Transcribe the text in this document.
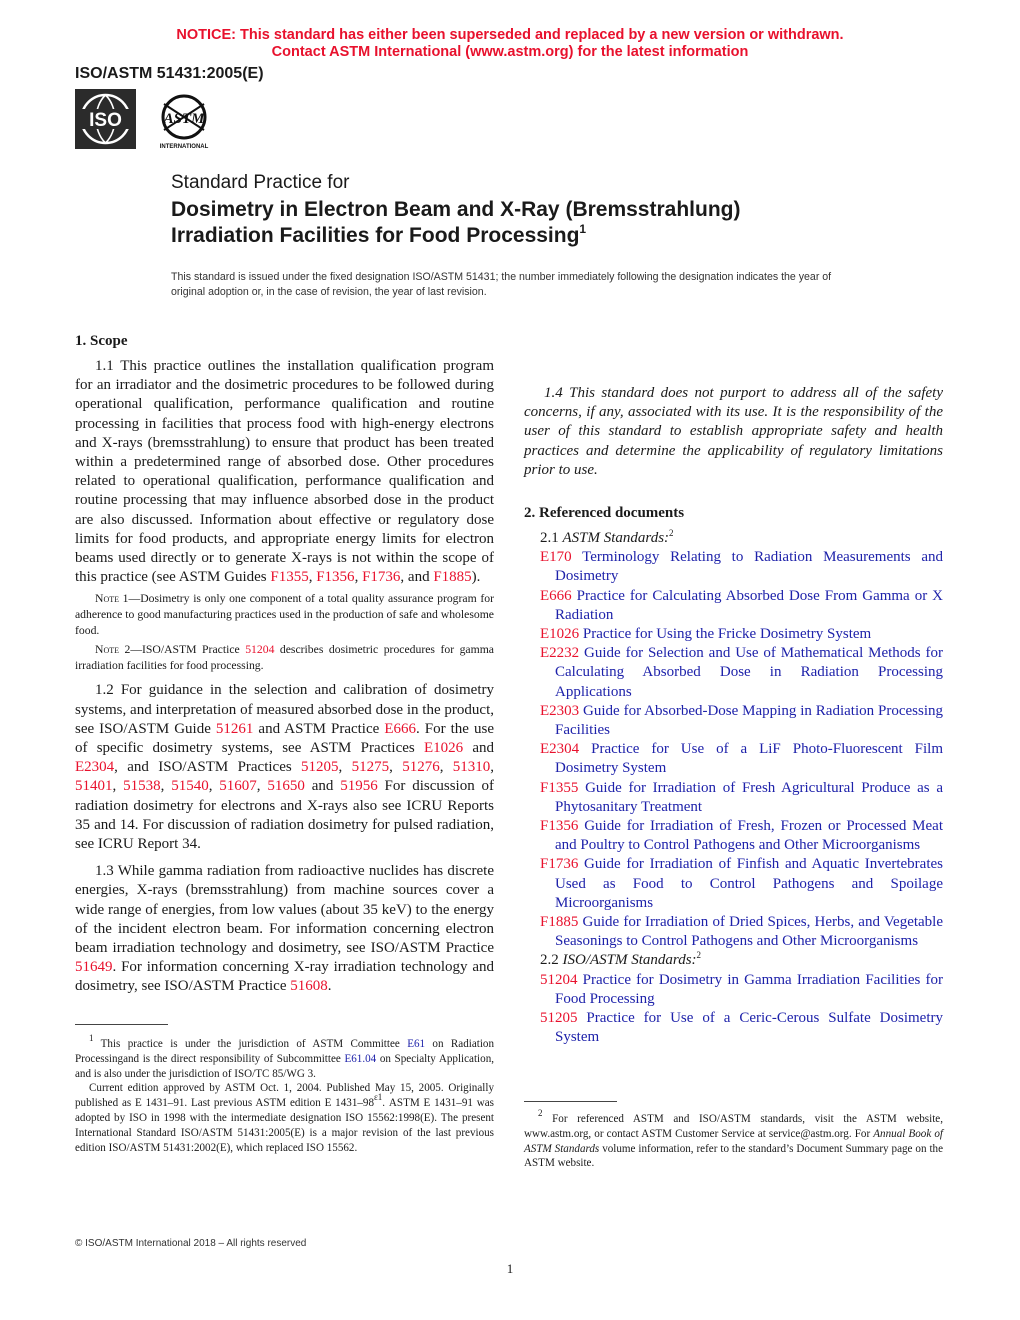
NOTICE: This standard has either been superseded and replaced by a new version or withdrawn.
Contact ASTM International (www.astm.org) for the latest information
ISO/ASTM 51431:2005(E)
ISO	ASTM
INTERNATIONAL
Standard Practice for
Dosimetry in Electron Beam and X-Ray (Bremsstrahlung)
Irradiation Facilities for Food Processing$^1$
This standard is issued under the fixed designation ISO/ASTM 51431; the number immediately following the designation indicates the year of original adoption or, in the case of revision, the year of last revision.
1. Scope

1.1 This practice outlines the installation qualification program for an irradiator and the dosimetric procedures to be followed during operational qualification, performance qualification and routine processing in facilities that process food with high-energy electrons and X-rays (bremsstrahlung) to ensure that product has been treated within a predetermined range of absorbed dose. Other procedures related to operational qualification, performance qualification and routine processing that may influence absorbed dose in the product are also discussed. Information about effective or regulatory dose limits for food products, and appropriate energy limits for electron beams used directly or to generate X-rays is not within the scope of this practice (see ASTM Guides F1355, F1356, F1736, and F1885).

Note 1—Dosimetry is only one component of a total quality assurance program for adherence to good manufacturing practices used in the production of safe and wholesome food.
Note 2—ISO/ASTM Practice 51204 describes dosimetric procedures for gamma irradiation facilities for food processing.

1.2 For guidance in the selection and calibration of dosimetry systems, and interpretation of measured absorbed dose in the product, see ISO/ASTM Guide 51261 and ASTM Practice E666. For the use of specific dosimetry systems, see ASTM Practices E1026 and E2304, and ISO/ASTM Practices 51205, 51275, 51276, 51310, 51401, 51538, 51540, 51607, 51650 and 51956 For discussion of radiation dosimetry for electrons and X-rays also see ICRU Reports 35 and 14. For discussion of radiation dosimetry for pulsed radiation, see ICRU Report 34.

1.3 While gamma radiation from radioactive nuclides has discrete energies, X-rays (bremsstrahlung) from machine sources cover a wide range of energies, from low values (about 35 keV) to the energy of the incident electron beam. For information concerning electron beam irradiation technology and dosimetry, see ISO/ASTM Practice 51649. For information concerning X-ray irradiation technology and dosimetry, see ISO/ASTM Practice 51608.

1.4 This standard does not purport to address all of the safety concerns, if any, associated with its use. It is the responsibility of the user of this standard to establish appropriate safety and health practices and determine the applicability of regulatory limitations prior to use.

2. Referenced documents

2.1 ASTM Standards:$^2$

E170 Terminology Relating to Radiation Measurements and Dosimetry

E666 Practice for Calculating Absorbed Dose From Gamma or X Radiation

E1026 Practice for Using the Fricke Dosimetry System

E2232 Guide for Selection and Use of Mathematical Methods for Calculating Absorbed Dose in Radiation Processing Applications

E2303 Guide for Absorbed-Dose Mapping in Radiation Processing Facilities

E2304 Practice for Use of a LiF Photo-Fluorescent Film Dosimetry System

F1355 Guide for Irradiation of Fresh Agricultural Produce as a Phytosanitary Treatment

F1356 Guide for Irradiation of Fresh, Frozen or Processed Meat and Poultry to Control Pathogens and Other Microorganisms

F1736 Guide for Irradiation of Finfish and Aquatic Invertebrates Used as Food to Control Pathogens and Spoilage Microorganisms

F1885 Guide for Irradiation of Dried Spices, Herbs, and Vegetable Seasonings to Control Pathogens and Other Microorganisms

2.2 ISO/ASTM Standards:$^2$

51204 Practice for Dosimetry in Gamma Irradiation Facilities for Food Processing

51205 Practice for Use of a Ceric-Cerous Sulfate Dosimetry System

$^1$ This practice is under the jurisdiction of ASTM Committee E61 on Radiation Processingand is the direct responsibility of Subcommittee E61.04 on Specialty Application, and is also under the jurisdiction of ISO/TC 85/WG 3.

Current edition approved by ASTM Oct. 1, 2004. Published May 15, 2005. Originally published as E 1431–91. Last previous ASTM edition E $1431-98^{\varepsilon 1}$. ASTM E 1431–91 was adopted by ISO in 1998 with the intermediate designation ISO 15562:1998(E). The present International Standard ISO/ASTM 51431:2005(E) is a major revision of the last previous edition ISO/ASTM 51431:2002(E), which replaced ISO 15562.

$^2$ For referenced ASTM and ISO/ASTM standards, visit the ASTM website, www.astm.org, or contact ASTM Customer Service at service@astm.org. For Annual Book of ASTM Standards volume information, refer to the standard’s Document Summary page on the ASTM website.

© ISO/ASTM International 2018 – All rights reserved
1
